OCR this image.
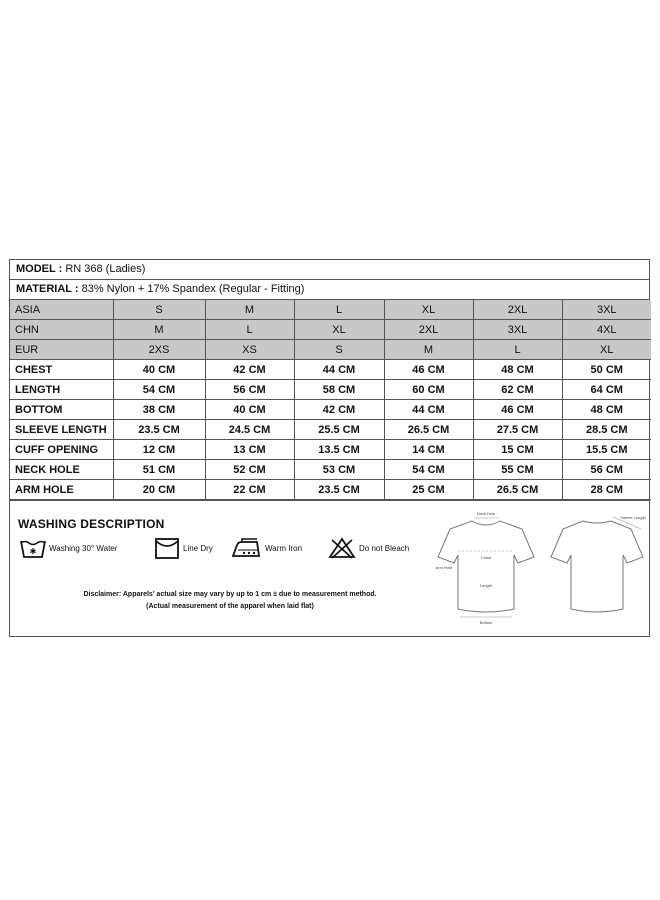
MODEL : RN 368 (Ladies)
MATERIAL : 83% Nylon + 17% Spandex (Regular - Fitting)
ASIA	S	M	L	XL	2XL	3XL
CHN	M	L	XL	2XL	3XL	4XL
EUR	2XS	XS	S	M	L	XL
CHEST	40 CM	42 CM	44 CM	46 CM	48 CM	50 CM
LENGTH	54 CM	56 CM	58 CM	60 CM	62 CM	64 CM
BOTTOM	38 CM	40 CM	42 CM	44 CM	46 CM	48 CM
SLEEVE LENGTH	23.5 CM	24.5 CM	25.5 CM	26.5 CM	27.5 CM	28.5 CM
CUFF OPENING	12 CM	13 CM	13.5 CM	14 CM	15 CM	15.5 CM
NECK HOLE	51 CM	52 CM	53 CM	54 CM	55 CM	56 CM
ARM HOLE	20 CM	22 CM	23.5 CM	25 CM	26.5 CM	28 CM
WASHING DESCRIPTION
✱ Washing 30° Water	Line Dry	Warm Iron	Do not Bleach
Disclaimer: Apparels' actual size may vary by up to 1 cm ± due to measurement method.
(Actual measurement of the apparel when laid flat)
Neck Hole
Chest
Length
Arm Hole
Bottom
Sleeve Length
